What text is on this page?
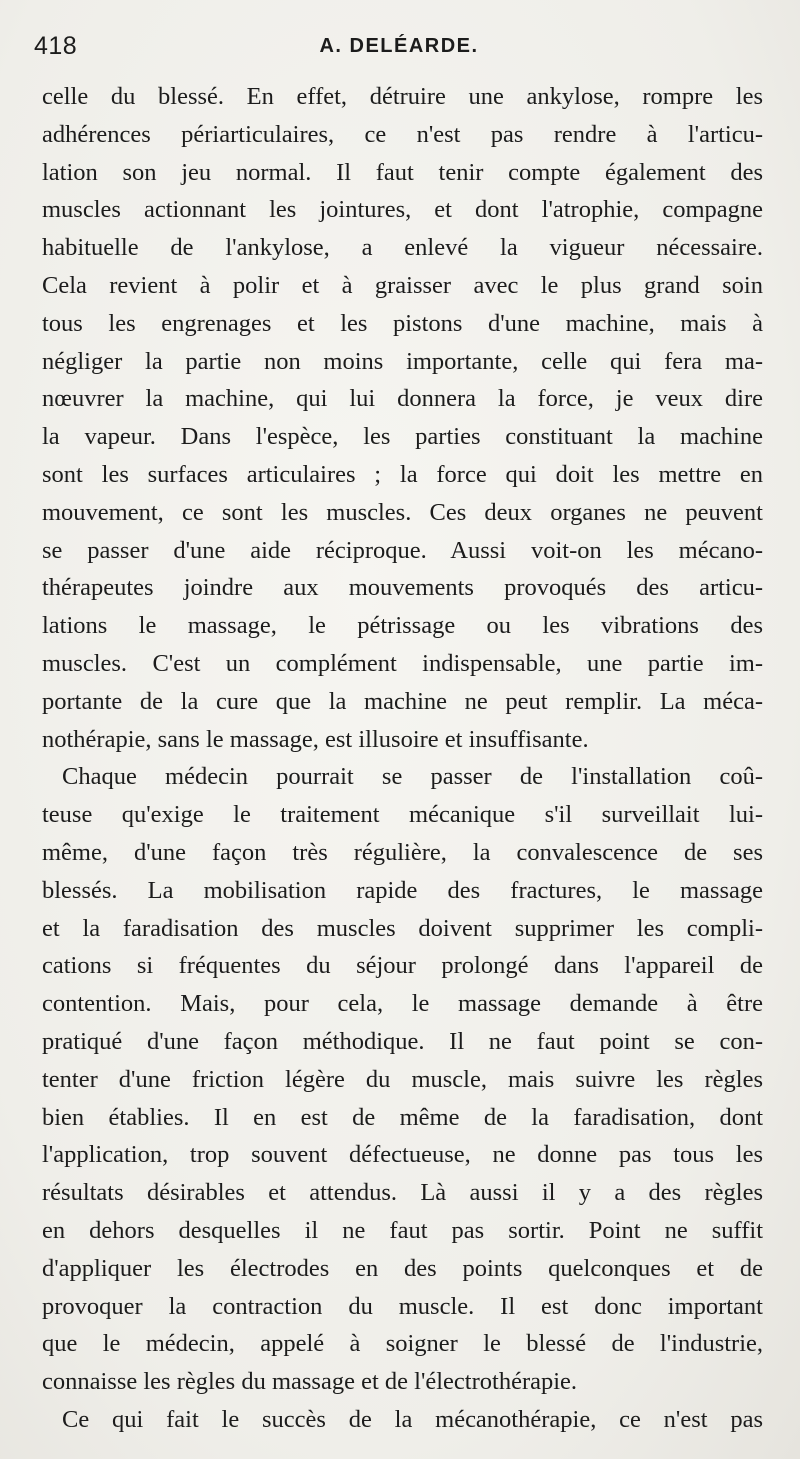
418	A. DELÉARDE.
celle du blessé. En effet, détruire une ankylose, rompre les
adhérences périarticulaires, ce n'est pas rendre à l'articu-
lation son jeu normal. Il faut tenir compte également des
muscles actionnant les jointures, et dont l'atrophie, compagne
habituelle de l'ankylose, a enlevé la vigueur nécessaire.
Cela revient à polir et à graisser avec le plus grand soin
tous les engrenages et les pistons d'une machine, mais à
négliger la partie non moins importante, celle qui fera ma-
nœuvrer la machine, qui lui donnera la force, je veux dire
la vapeur. Dans l'espèce, les parties constituant la machine
sont les surfaces articulaires ; la force qui doit les mettre en
mouvement, ce sont les muscles. Ces deux organes ne peuvent
se passer d'une aide réciproque. Aussi voit-on les mécano-
thérapeutes joindre aux mouvements provoqués des articu-
lations le massage, le pétrissage ou les vibrations des
muscles. C'est un complément indispensable, une partie im-
portante de la cure que la machine ne peut remplir. La méca-
nothérapie, sans le massage, est illusoire et insuffisante.
Chaque médecin pourrait se passer de l'installation coû-
teuse qu'exige le traitement mécanique s'il surveillait lui-
même, d'une façon très régulière, la convalescence de ses
blessés. La mobilisation rapide des fractures, le massage
et la faradisation des muscles doivent supprimer les compli-
cations si fréquentes du séjour prolongé dans l'appareil de
contention. Mais, pour cela, le massage demande à être
pratiqué d'une façon méthodique. Il ne faut point se con-
tenter d'une friction légère du muscle, mais suivre les règles
bien établies. Il en est de même de la faradisation, dont
l'application, trop souvent défectueuse, ne donne pas tous les
résultats désirables et attendus. Là aussi il y a des règles
en dehors desquelles il ne faut pas sortir. Point ne suffit
d'appliquer les électrodes en des points quelconques et de
provoquer la contraction du muscle. Il est donc important
que le médecin, appelé à soigner le blessé de l'industrie,
connaisse les règles du massage et de l'électrothérapie.
Ce qui fait le succès de la mécanothérapie, ce n'est pas
